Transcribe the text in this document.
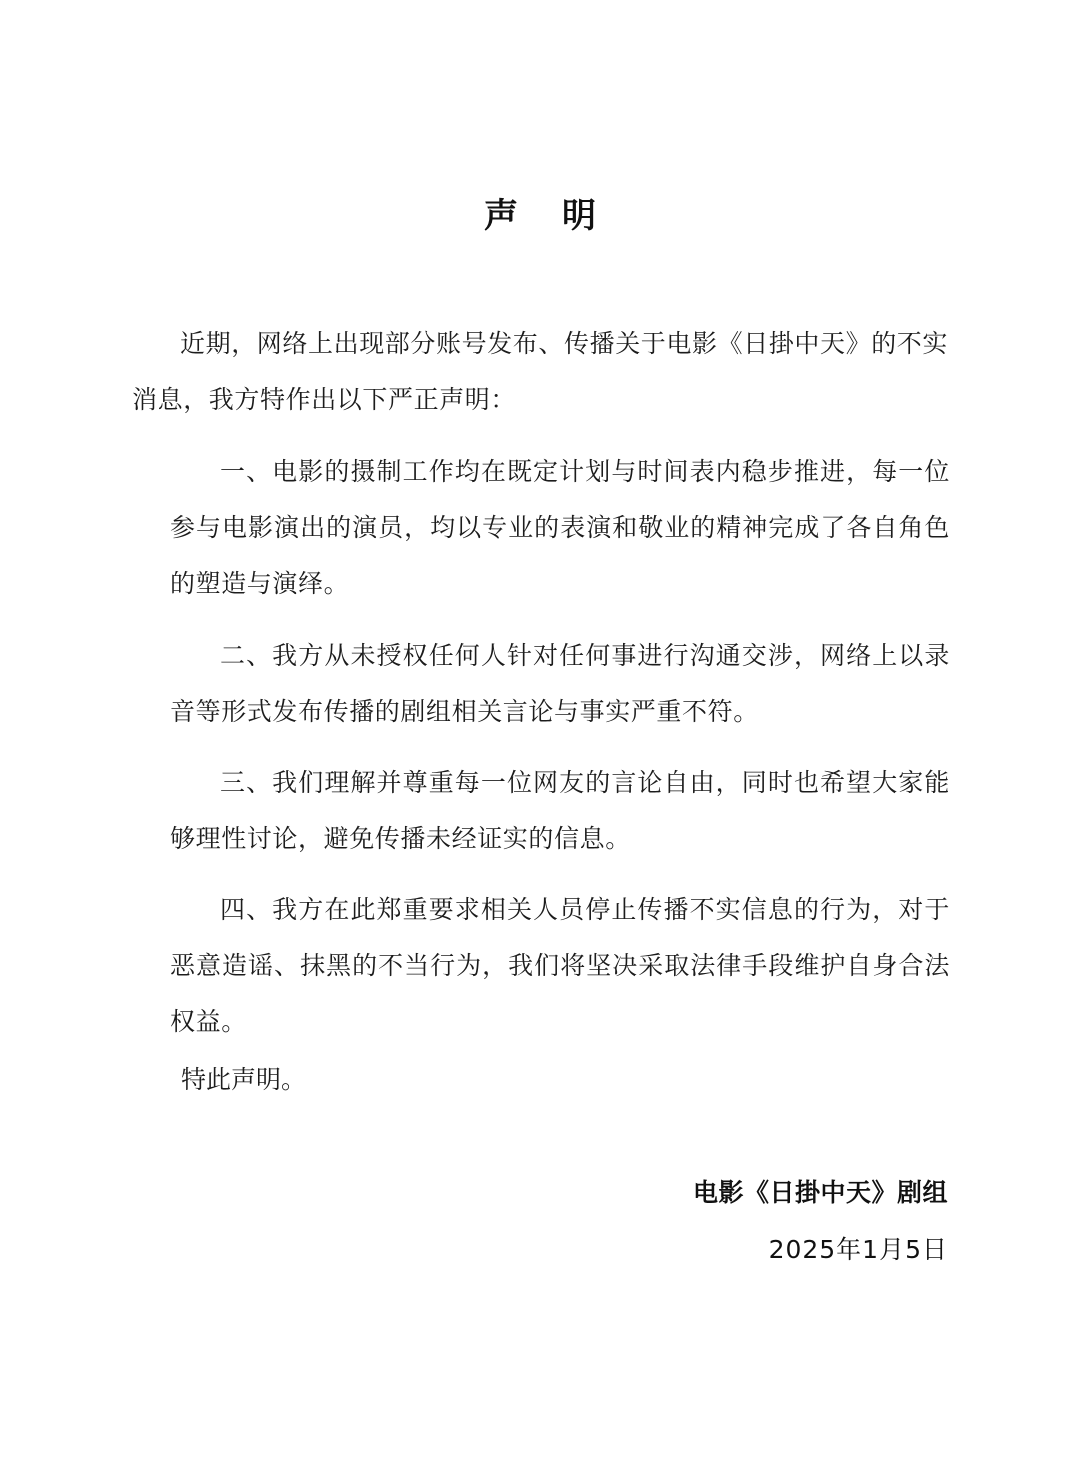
声明
近期，网络上出现部分账号发布、传播关于电影《日掛中天》的不实消息，我方特作出以下严正声明：
一、电影的摄制工作均在既定计划与时间表内稳步推进，每一位参与电影演出的演员，均以专业的表演和敬业的精神完成了各自角色的塑造与演绎。
二、我方从未授权任何人针对任何事进行沟通交涉，网络上以录音等形式发布传播的剧组相关言论与事实严重不符。
三、我们理解并尊重每一位网友的言论自由，同时也希望大家能够理性讨论，避免传播未经证实的信息。
四、我方在此郑重要求相关人员停止传播不实信息的行为，对于恶意造谣、抹黑的不当行为，我们将坚决采取法律手段维护自身合法权益。
特此声明。
电影《日掛中天》剧组
2025年1月5日
